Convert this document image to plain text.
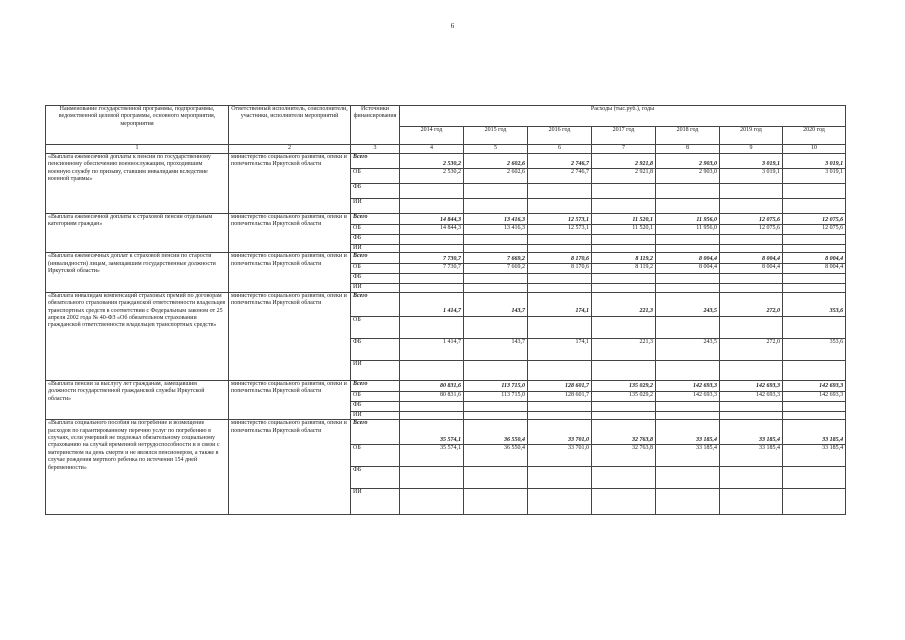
6
Наименование государственной программы, подпрограммы, ведомственной целевой программы, основного мероприятия, мероприятия	Ответственный исполнитель, соисполнители, участники, исполнители мероприятий	Источники финансирования	Расходы (тыс.руб.), годы						
			2014 год	2015 год	2016 год	2017 год	2018 год	2019 год	2020 год
1	2	3	4	5	6	7	8	9	10
«Выплата ежемесячной доплаты к пенсии по государственному пенсионному обеспечению военнослужащим, проходившим военную службу по призыву, ставшим инвалидами вследствие военной травмы»	министерство социального развития, опеки и попечительства Иркутской области	Всего	2 530,2	2 602,6	2 746,7	2 921,8	2 903,0	3 019,1	3 019,1
		ОБ	2 530,2	2 602,6	2 746,7	2 921,8	2 903,0	3 019,1	3 019,1
		ФБ							
		ИИ							
«Выплата ежемесячной доплаты к страховой пенсии отдельным категориям граждан»	министерство социального развития, опеки и попечительства Иркутской области	Всего	14 844,3	13 416,3	12 573,1	11 520,1	11 956,0	12 075,6	12 075,6
		ОБ	14 844,3	13 416,3	12 573,1	11 520,1	11 956,0	12 075,6	12 075,6
		ФБ							
		ИИ							
«Выплата ежемесячных доплат к страховой пенсии по старости (инвалидности) лицам, замещавшим государственные должности Иркутской области»	министерство социального развития, опеки и попечительства Иркутской области	Всего	7 730,7	7 669,2	8 170,6	8 119,2	8 004,4	8 004,4	8 004,4
		ОБ	7 730,7	7 669,2	8 170,6	8 119,2	8 004,4	8 004,4	8 004,4
		ФБ							
		ИИ							
«Выплата инвалидам компенсаций страховых премий по договорам обязательного страхования гражданской ответственности владельцев транспортных средств в соответствии с Федеральным законом от 25 апреля 2002 года № 40-ФЗ «Об обязательном страховании гражданской ответственности владельцев транспортных средств»	министерство социального развития, опеки и попечительства Иркутской области	Всего	1 414,7	143,7	174,1	221,3	243,5	272,0	353,6
		ОБ							
		ФБ	1 414,7	143,7	174,1	221,3	243,5	272,0	353,6
		ИИ							
«Выплата пенсии за выслугу лет гражданам, замещавшим должности государственной гражданской службы Иркутской области»	министерство социального развития, опеки и попечительства Иркутской области	Всего	80 831,6	113 715,0	128 601,7	135 029,2	142 693,3	142 693,3	142 693,3
		ОБ	80 831,6	113 715,0	128 601,7	135 029,2	142 693,3	142 693,3	142 693,3
		ФБ							
		ИИ							
«Выплата социального пособия на погребение и возмещение расходов по гарантированному перечню услуг по погребению в случаях, если умерший не подлежал обязательному социальному страхованию на случай временной нетрудоспособности и в связи с материнством на день смерти и не являлся пенсионером, а также в случае рождения мертвого ребенка по истечении 154 дней беременности»	министерство социального развития, опеки и попечительства Иркутской области	Всего	35 574,1	36 550,4	33 701,0	32 763,8	33 185,4	33 185,4	33 185,4
		ОБ	35 574,1	36 550,4	33 701,0	32 763,8	33 185,4	33 185,4	33 185,4
		ФБ							
		ИИ							
